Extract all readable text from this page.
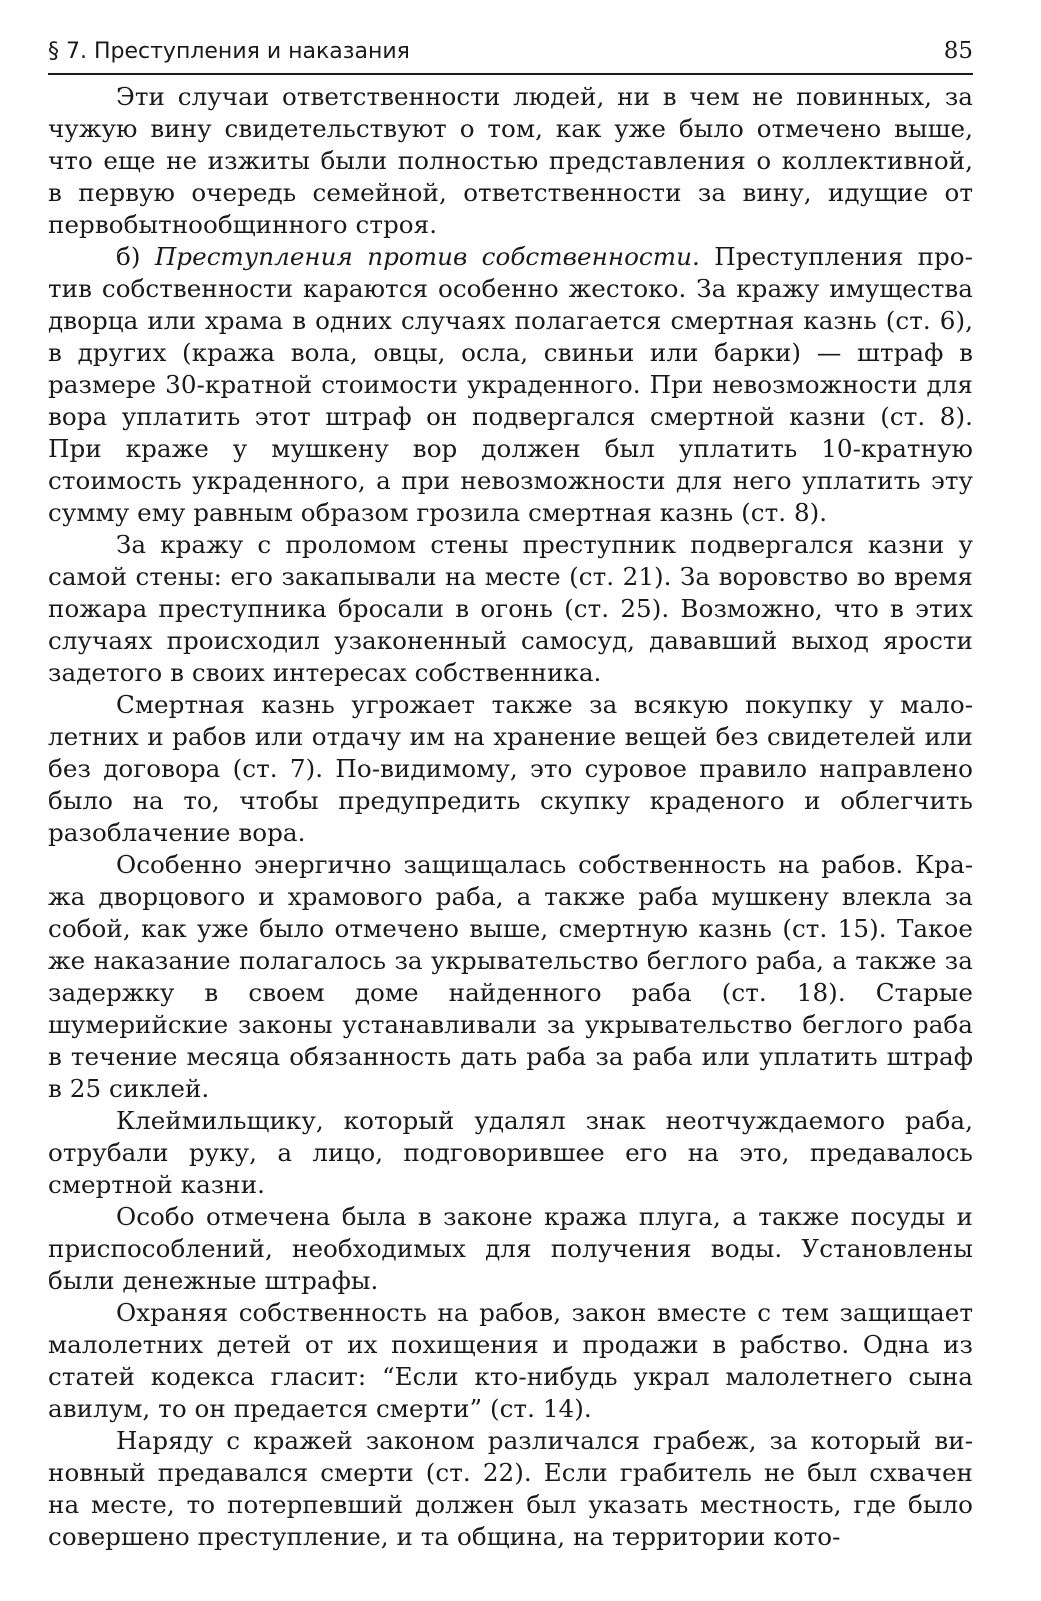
§ 7. Преступления и наказания	85

Эти случаи ответственности людей, ни в чем не повинных, за чужую вину свидетельствуют о том, как уже было отмечено выше, что еще не изжиты были полностью представления о коллективной, в первую очередь семейной, ответственности за вину, идущие от первобытнообщинного строя.

б) Преступления против собственности. Преступления против собственности караются особенно жестоко. За кражу имущества дворца или храма в одних случаях полагается смертная казнь (ст. 6), в других (кража вола, овцы, осла, свиньи или барки) — штраф в размере 30-кратной стоимости украденного. При невозможности для вора уплатить этот штраф он подвергался смертной казни (ст. 8). При краже у мушкену вор должен был уплатить 10-кратную стоимость украденного, а при невозможности для него уплатить эту сумму ему равным образом грозила смертная казнь (ст. 8).

За кражу с проломом стены преступник подвергался казни у самой стены: его закапывали на месте (ст. 21). За воровство во время пожара преступника бросали в огонь (ст. 25). Возможно, что в этих случаях происходил узаконенный самосуд, дававший выход ярости задетого в своих интересах собственника.

Смертная казнь угрожает также за всякую покупку у малолетних и рабов или отдачу им на хранение вещей без свидетелей или без договора (ст. 7). По-видимому, это суровое правило направлено было на то, чтобы предупредить скупку краденого и облегчить разоблачение вора.

Особенно энергично защищалась собственность на рабов. Кража дворцового и храмового раба, а также раба мушкену влекла за собой, как уже было отмечено выше, смертную казнь (ст. 15). Такое же наказание полагалось за укрывательство беглого раба, а также за задержку в своем доме найденного раба (ст. 18). Старые шумерийские законы устанавливали за укрывательство беглого раба в течение месяца обязанность дать раба за раба или уплатить штраф в 25 сиклей.

Клеймильщику, который удалял знак неотчуждаемого раба, отрубали руку, а лицо, подговорившее его на это, предавалось смертной казни.

Особо отмечена была в законе кража плуга, а также посуды и приспособлений, необходимых для получения воды. Установлены были денежные штрафы.

Охраняя собственность на рабов, закон вместе с тем защищает малолетних детей от их похищения и продажи в рабство. Одна из статей кодекса гласит: “Если кто-нибудь украл малолетнего сына авилум, то он предается смерти” (ст. 14).

Наряду с кражей законом различался грабеж, за который виновный предавался смерти (ст. 22). Если грабитель не был схвачен на месте, то потерпевший должен был указать местность, где было совершено преступление, и та община, на территории кото-
